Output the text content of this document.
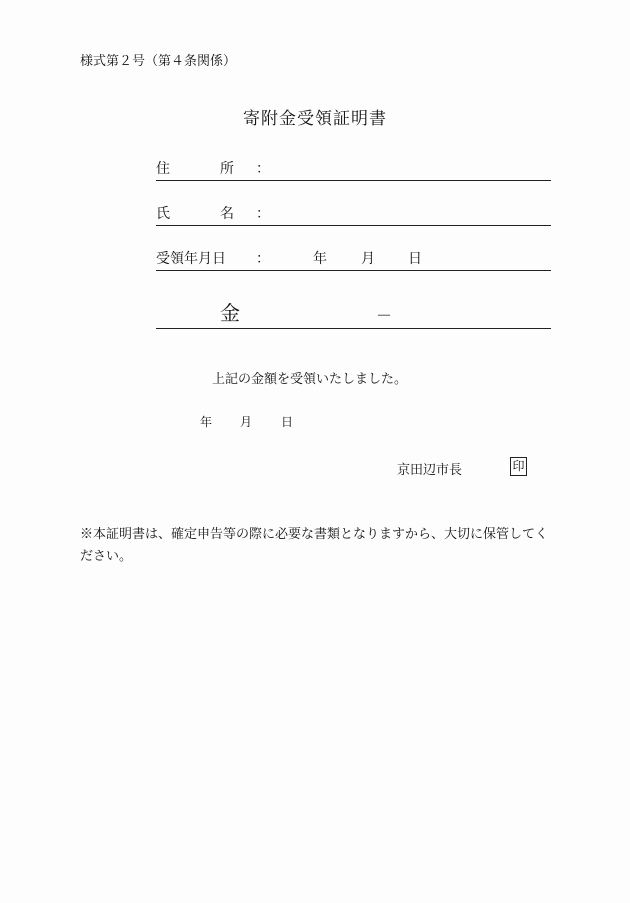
様式第２号（第４条関係）
寄附金受領証明書
住	所 ：
氏	名 ：
受領年月日 ：	年 月 日
金	－
上記の金額を受領いたしました。
年 月 日
京田辺市長	印
※本証明書は、確定申告等の際に必要な書類となりますから、大切に保管してください。
